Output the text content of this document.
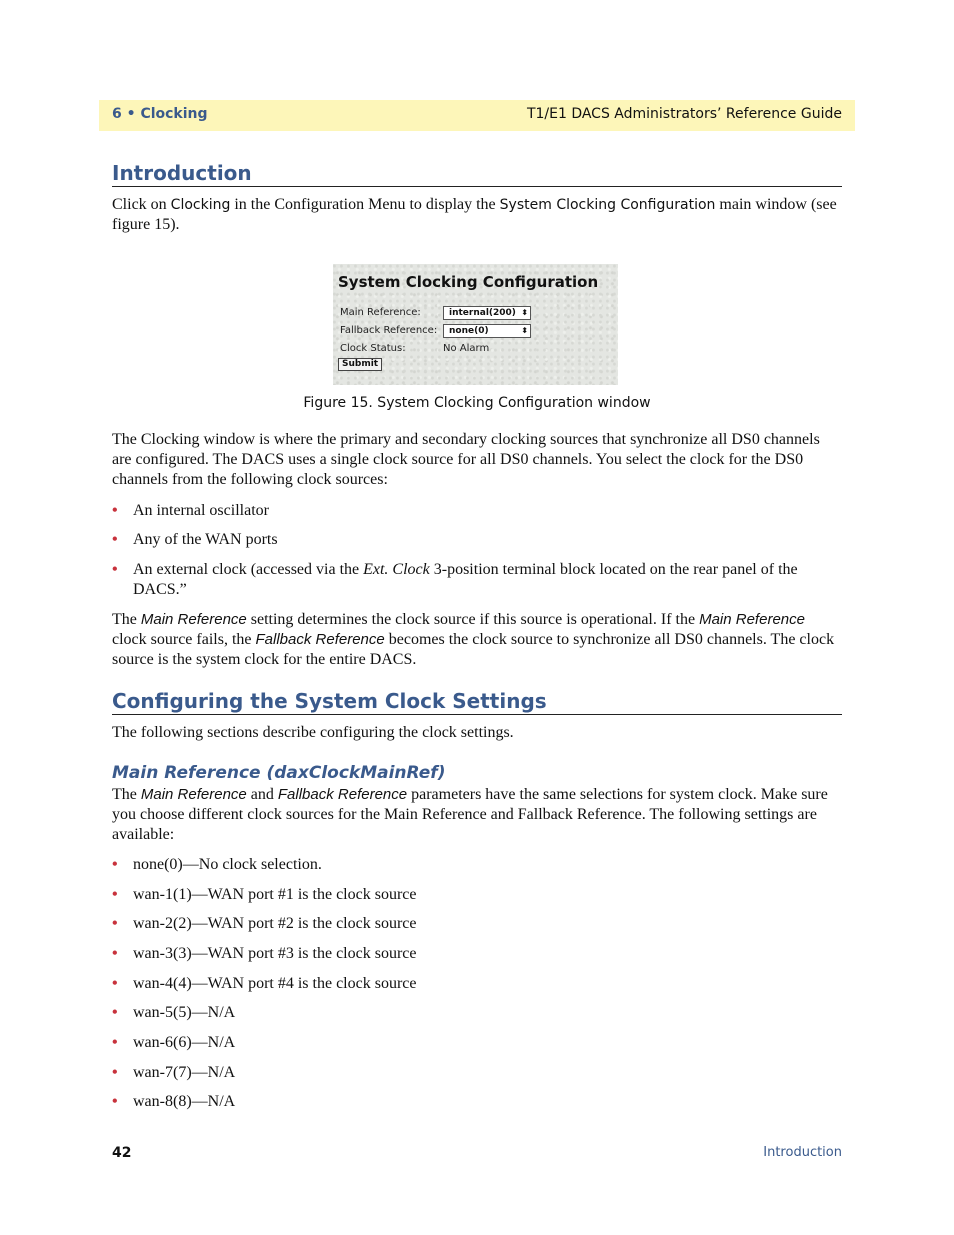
6 • Clocking	T1/E1 DACS Administrators’ Reference Guide
Introduction

Click on Clocking in the Configuration Menu to display the System Clocking Configuration main window (see figure 15).

System Clocking Configuration
Main Reference:	internal(200) ⬍
Fallback Reference:	none(0)	⬍
Clock Status:	No Alarm
Submit
Figure 15. System Clocking Configuration window

The Clocking window is where the primary and secondary clocking sources that synchronize all DS0 channels are configured. The DACS uses a single clock source for all DS0 channels. You select the clock for the DS0 channels from the following clock sources:

• An internal oscillator
• Any of the WAN ports
• An external clock (accessed via the Ext. Clock 3-position terminal block located on the rear panel of the DACS.”

The Main Reference setting determines the clock source if this source is operational. If the Main Reference clock source fails, the Fallback Reference becomes the clock source to synchronize all DS0 channels. The clock source is the system clock for the entire DACS.

Configuring the System Clock Settings

The following sections describe configuring the clock settings.

Main Reference (daxClockMainRef)

The Main Reference and Fallback Reference parameters have the same selections for system clock. Make sure you choose different clock sources for the Main Reference and Fallback Reference. The following settings are available:

• none(0)—No clock selection.
• wan-1(1)—WAN port #1 is the clock source
• wan-2(2)—WAN port #2 is the clock source
• wan-3(3)—WAN port #3 is the clock source
• wan-4(4)—WAN port #4 is the clock source
• wan-5(5)—N/A
• wan-6(6)—N/A
• wan-7(7)—N/A
• wan-8(8)—N/A
42	Introduction
